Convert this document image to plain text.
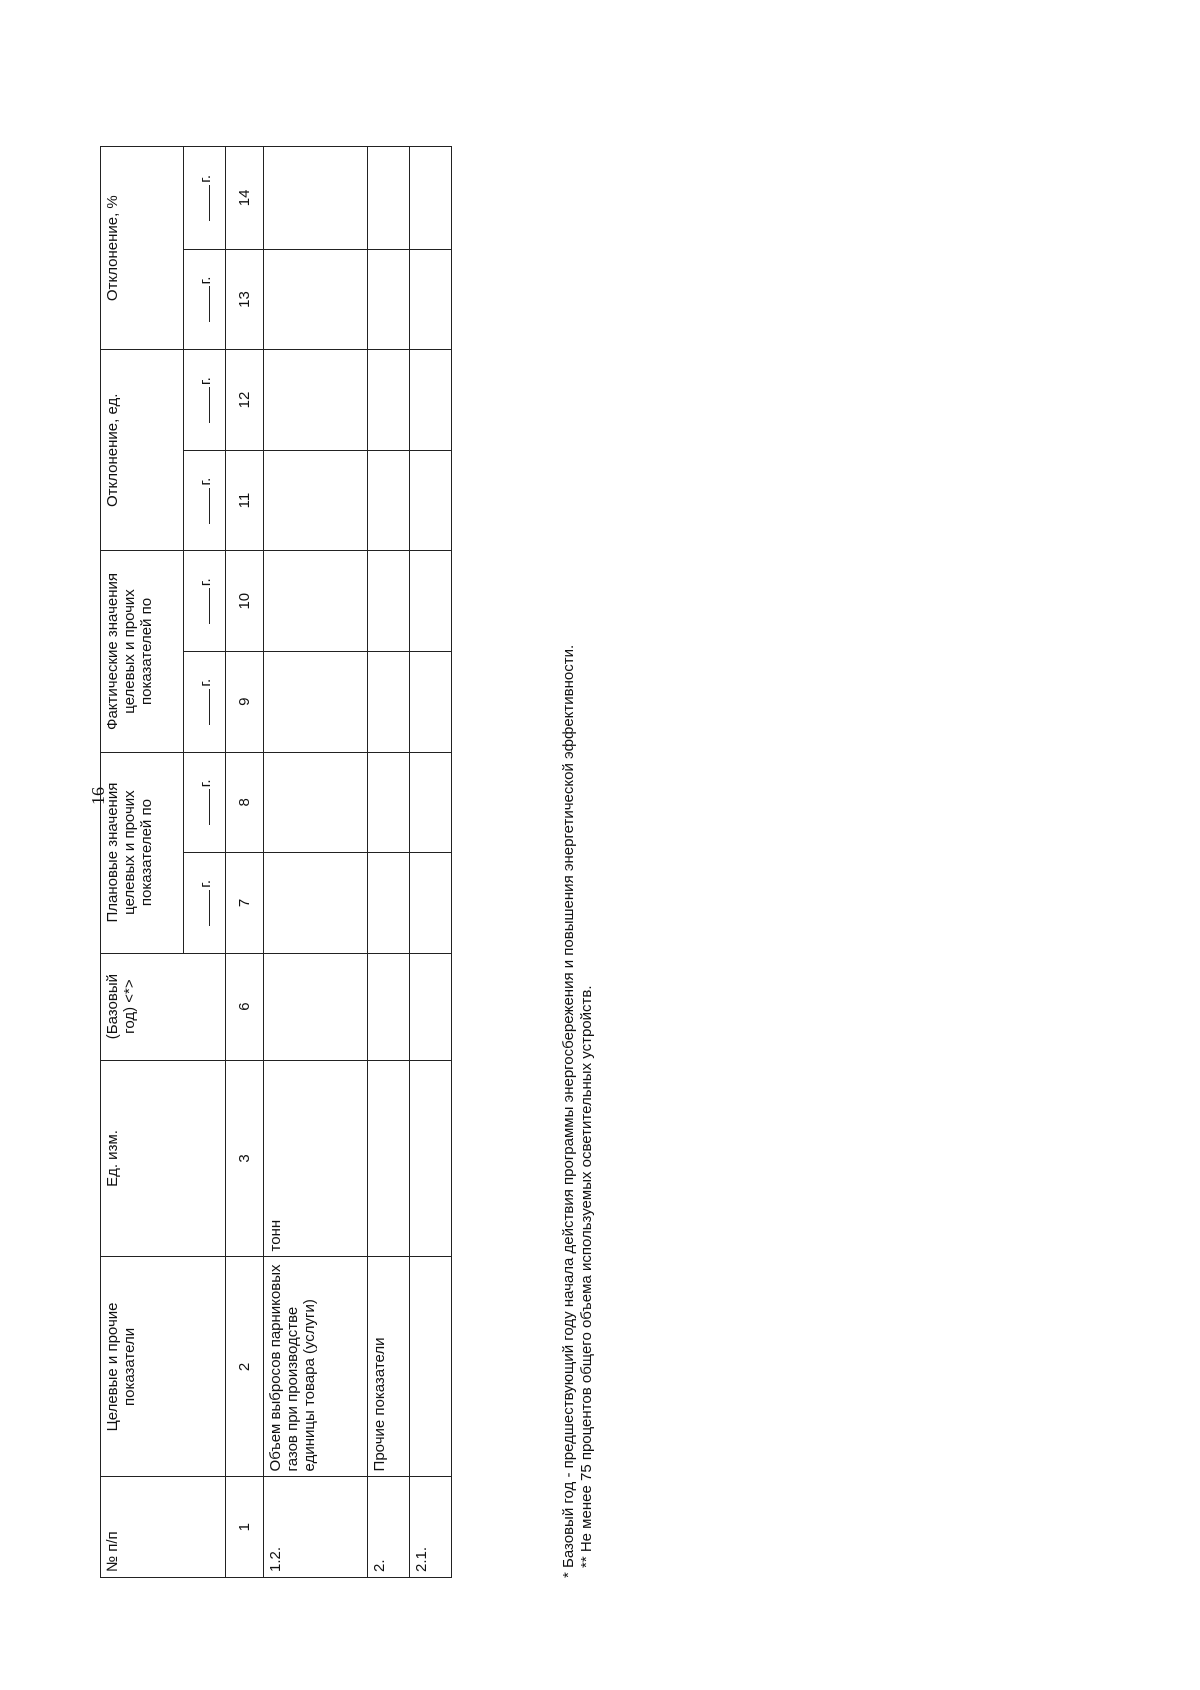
16
№ п/п	Целевые и прочие показатели	Ед. изм.	(Базовый год) <*>	Плановые значения целевых и прочих показателей по		Фактические значения целевых и прочих показателей по		Отклонение, ед.		Отклонение, %	
				г.	г.	г.	г.	г.	г.	г.	г.
1	2	3	6	7	8	9	10	11	12	13	14
1.2.	Объем выбросов парниковых газов при производстве единицы товара (услуги)	тонн									
2.	Прочие показатели										
2.1.												* Базовый год - предшествующий году начала действия программы энергосбережения и повышения энергетической эффективности. ** Не менее 75 процентов общего объема используемых осветительных устройств.
